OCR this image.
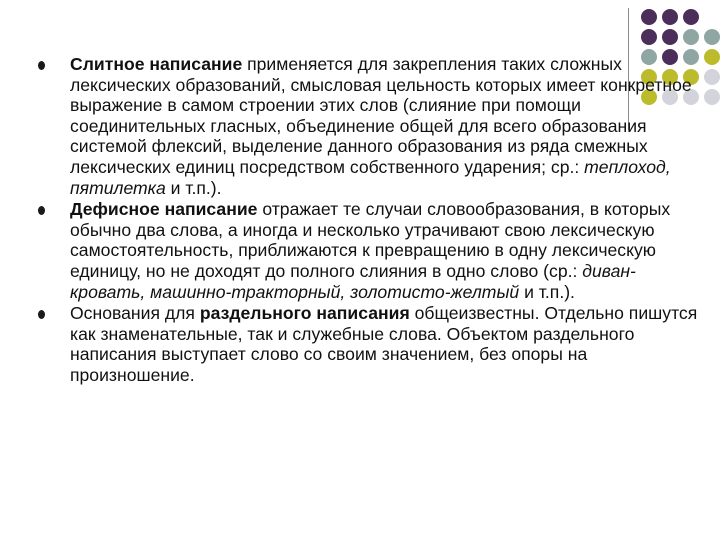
Слитное написание применяется для закрепления таких сложных лексических образований, смысловая цельность которых имеет конкретное выражение в самом строении этих слов (слияние при помощи соединительных гласных, объединение общей для всего образования системой флексий, выделение данного образования из ряда смежных лексических единиц посредством собственного ударения; ср.: теплоход, пятилетка и т.п.).
Дефисное написание отражает те случаи словообразования, в которых обычно два слова, а иногда и несколько утрачивают свою лексическую самостоятельность, приближаются к превращению в одну лексическую единицу, но не доходят до полного слияния в одно слово (ср.: диван-кровать, машинно-тракторный, золотисто-желтый и т.п.).
Основания для раздельного написания общеизвестны. Отдельно пишутся как знаменательные, так и служебные слова. Объектом раздельного написания выступает слово со своим значением, без опоры на произношение.
